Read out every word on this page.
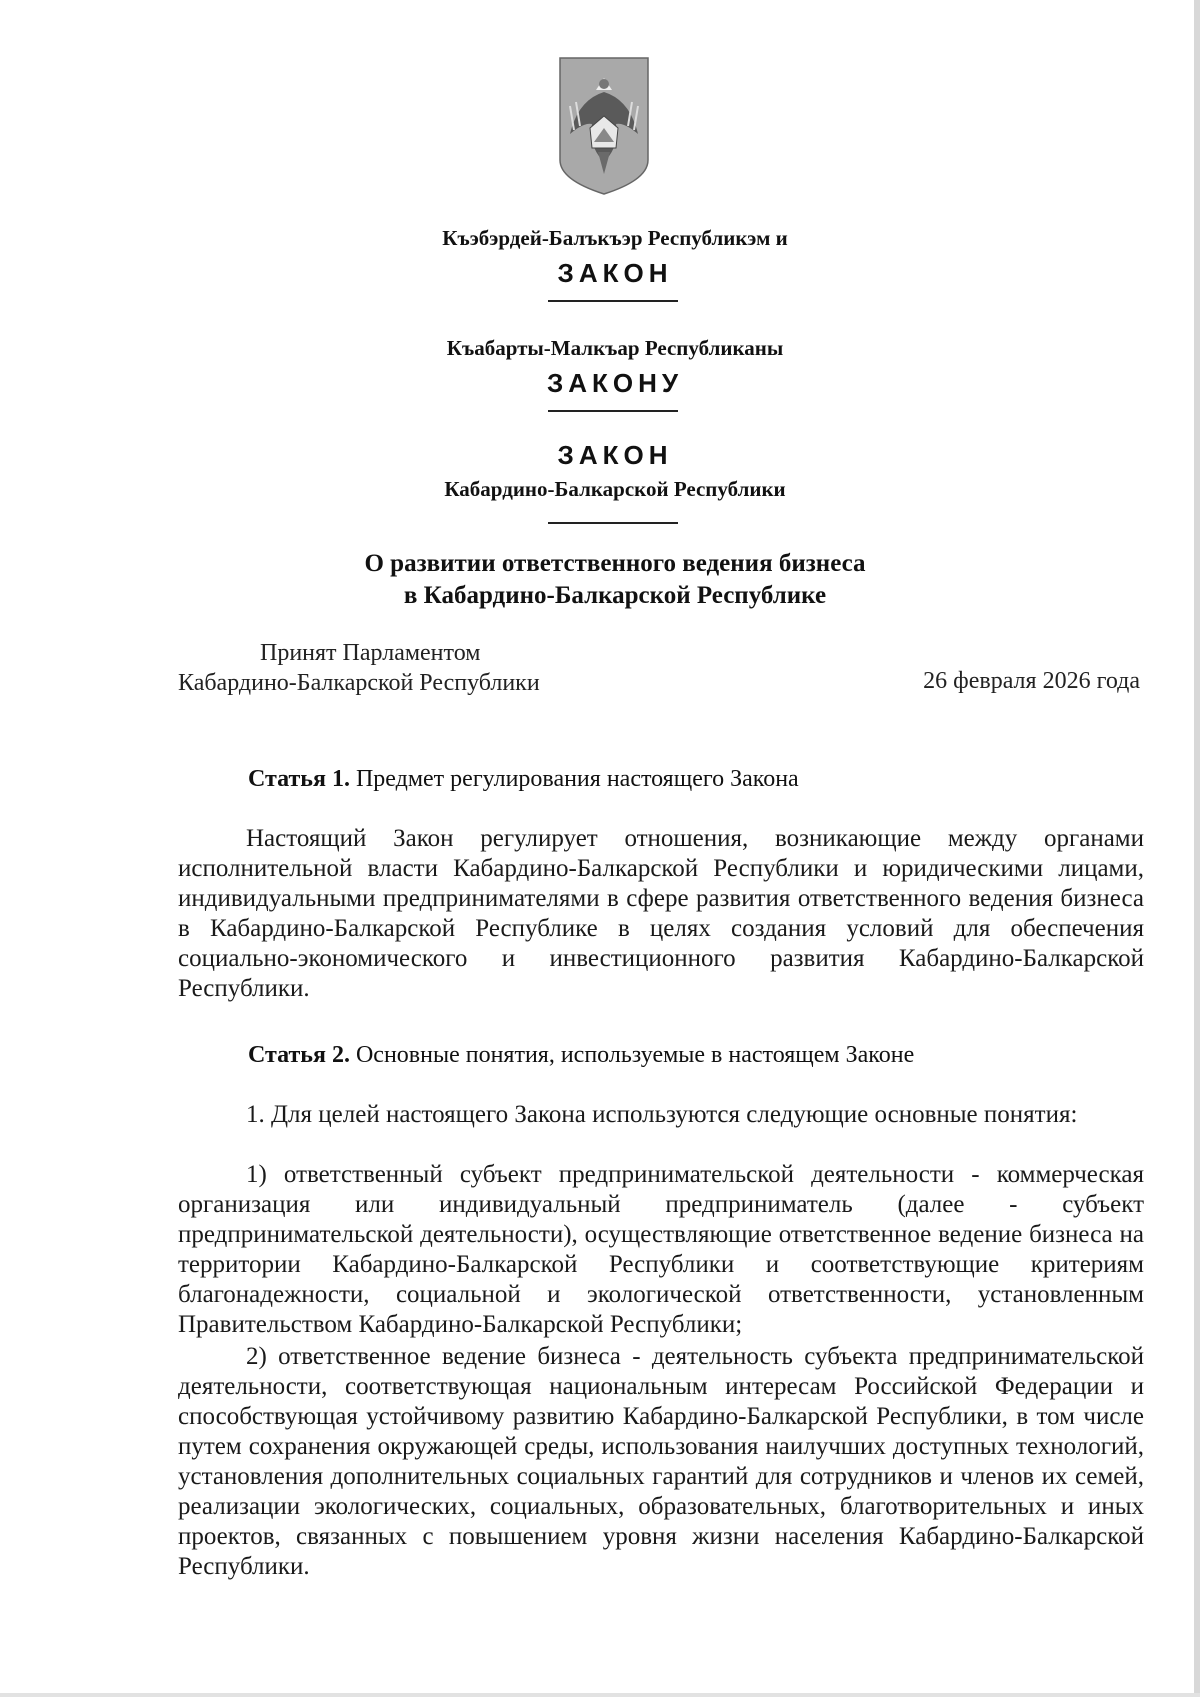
Къэбэрдей-Балъкъэр Республикэм и
ЗАКОН
Къабарты-Малкъар Республиканы
ЗАКОНУ
ЗАКОН
Кабардино-Балкарской Республики
О развитии ответственного ведения бизнеса
в Кабардино-Балкарской Республике
Принят Парламентом
Кабардино-Балкарской Республики	26 февраля 2026 года
Статья 1. Предмет регулирования настоящего Закона
Настоящий Закон регулирует отношения, возникающие между органами исполнительной власти Кабардино-Балкарской Республики и юридическими лицами, индивидуальными предпринимателями в сфере развития ответственного ведения бизнеса в Кабардино-Балкарской Республике в целях создания условий для обеспечения социально-экономического и инвестиционного развития Кабардино-Балкарской Республики.
Статья 2. Основные понятия, используемые в настоящем Законе
1. Для целей настоящего Закона используются следующие основные понятия:
1) ответственный субъект предпринимательской деятельности - коммерческая организация или индивидуальный предприниматель (далее - субъект предпринимательской деятельности), осуществляющие ответственное ведение бизнеса на территории Кабардино-Балкарской Республики и соответствующие критериям благонадежности, социальной и экологической ответственности, установленным Правительством Кабардино-Балкарской Республики;
2) ответственное ведение бизнеса - деятельность субъекта предпринимательской деятельности, соответствующая национальным интересам Российской Федерации и способствующая устойчивому развитию Кабардино-Балкарской Республики, в том числе путем сохранения окружающей среды, использования наилучших доступных технологий, установления дополнительных социальных гарантий для сотрудников и членов их семей, реализации экологических, социальных, образовательных, благотворительных и иных проектов, связанных с повышением уровня жизни населения Кабардино-Балкарской Республики.
